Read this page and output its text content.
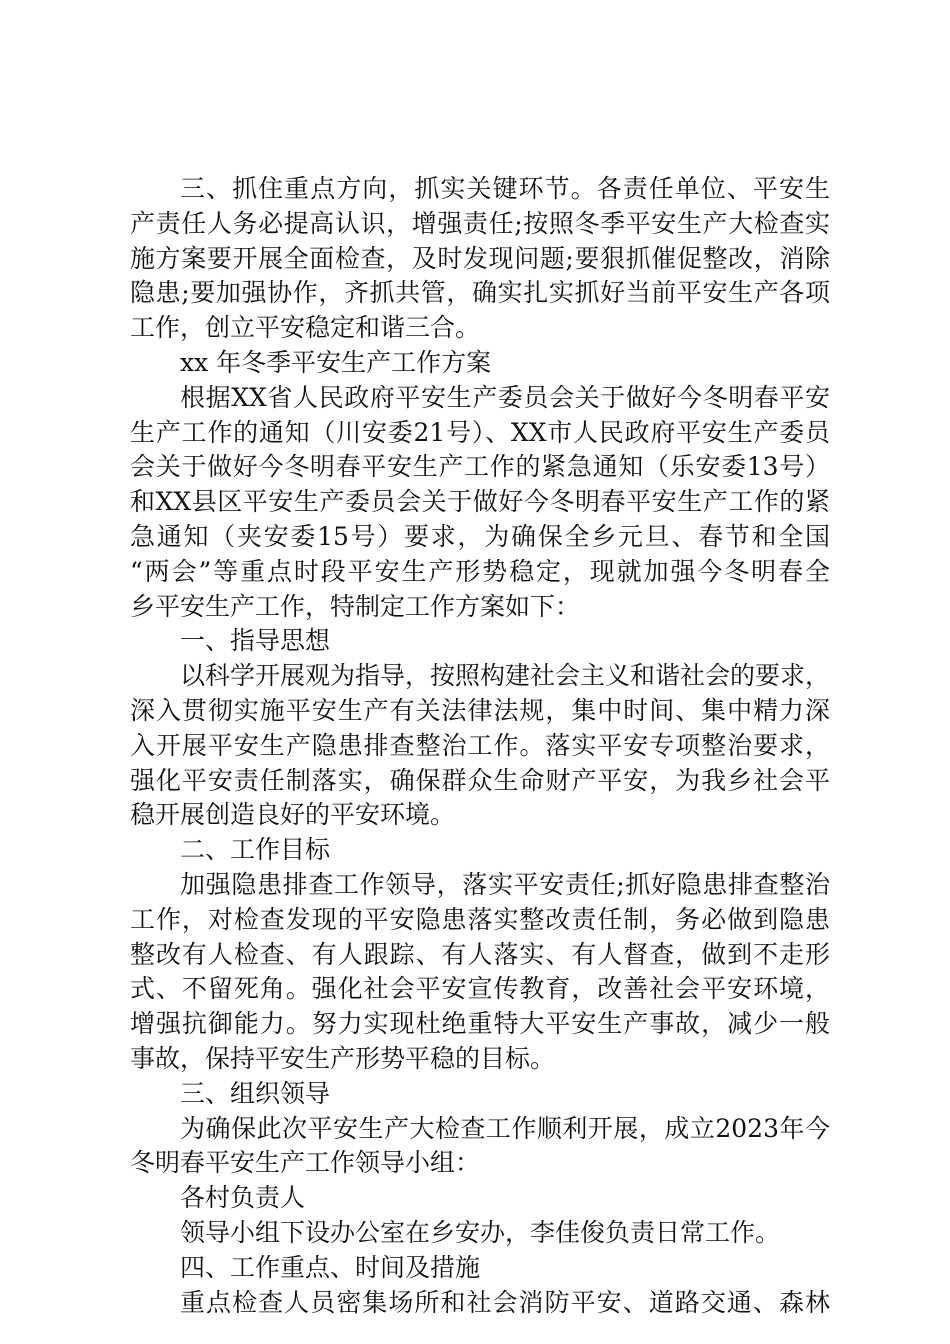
三、抓住重点方向，抓实关键环节。各责任单位、平安生
产责任人务必提高认识，增强责任;按照冬季平安生产大检查实
施方案要开展全面检查，及时发现问题;要狠抓催促整改，消除
隐患;要加强协作，齐抓共管，确实扎实抓好当前平安生产各项
工作，创立平安稳定和谐三合。
xx 年冬季平安生产工作方案
根据XX省人民政府平安生产委员会关于做好今冬明春平安
生产工作的通知（川安委21号）、XX市人民政府平安生产委员
会关于做好今冬明春平安生产工作的紧急通知（乐安委13号）
和XX县区平安生产委员会关于做好今冬明春平安生产工作的紧
急通知（夹安委15号）要求，为确保全乡元旦、春节和全国
“两会”等重点时段平安生产形势稳定，现就加强今冬明春全
乡平安生产工作，特制定工作方案如下：
一、指导思想
以科学开展观为指导，按照构建社会主义和谐社会的要求，
深入贯彻实施平安生产有关法律法规，集中时间、集中精力深
入开展平安生产隐患排查整治工作。落实平安专项整治要求，
强化平安责任制落实，确保群众生命财产平安，为我乡社会平
稳开展创造良好的平安环境。
二、工作目标
加强隐患排查工作领导，落实平安责任;抓好隐患排查整治
工作，对检查发现的平安隐患落实整改责任制，务必做到隐患
整改有人检查、有人跟踪、有人落实、有人督查，做到不走形
式、不留死角。强化社会平安宣传教育，改善社会平安环境，
增强抗御能力。努力实现杜绝重特大平安生产事故，减少一般
事故，保持平安生产形势平稳的目标。
三、组织领导
为确保此次平安生产大检查工作顺利开展，成立2023年今
冬明春平安生产工作领导小组：
各村负责人
领导小组下设办公室在乡安办，李佳俊负责日常工作。
四、工作重点、时间及措施
重点检查人员密集场所和社会消防平安、道路交通、森林
